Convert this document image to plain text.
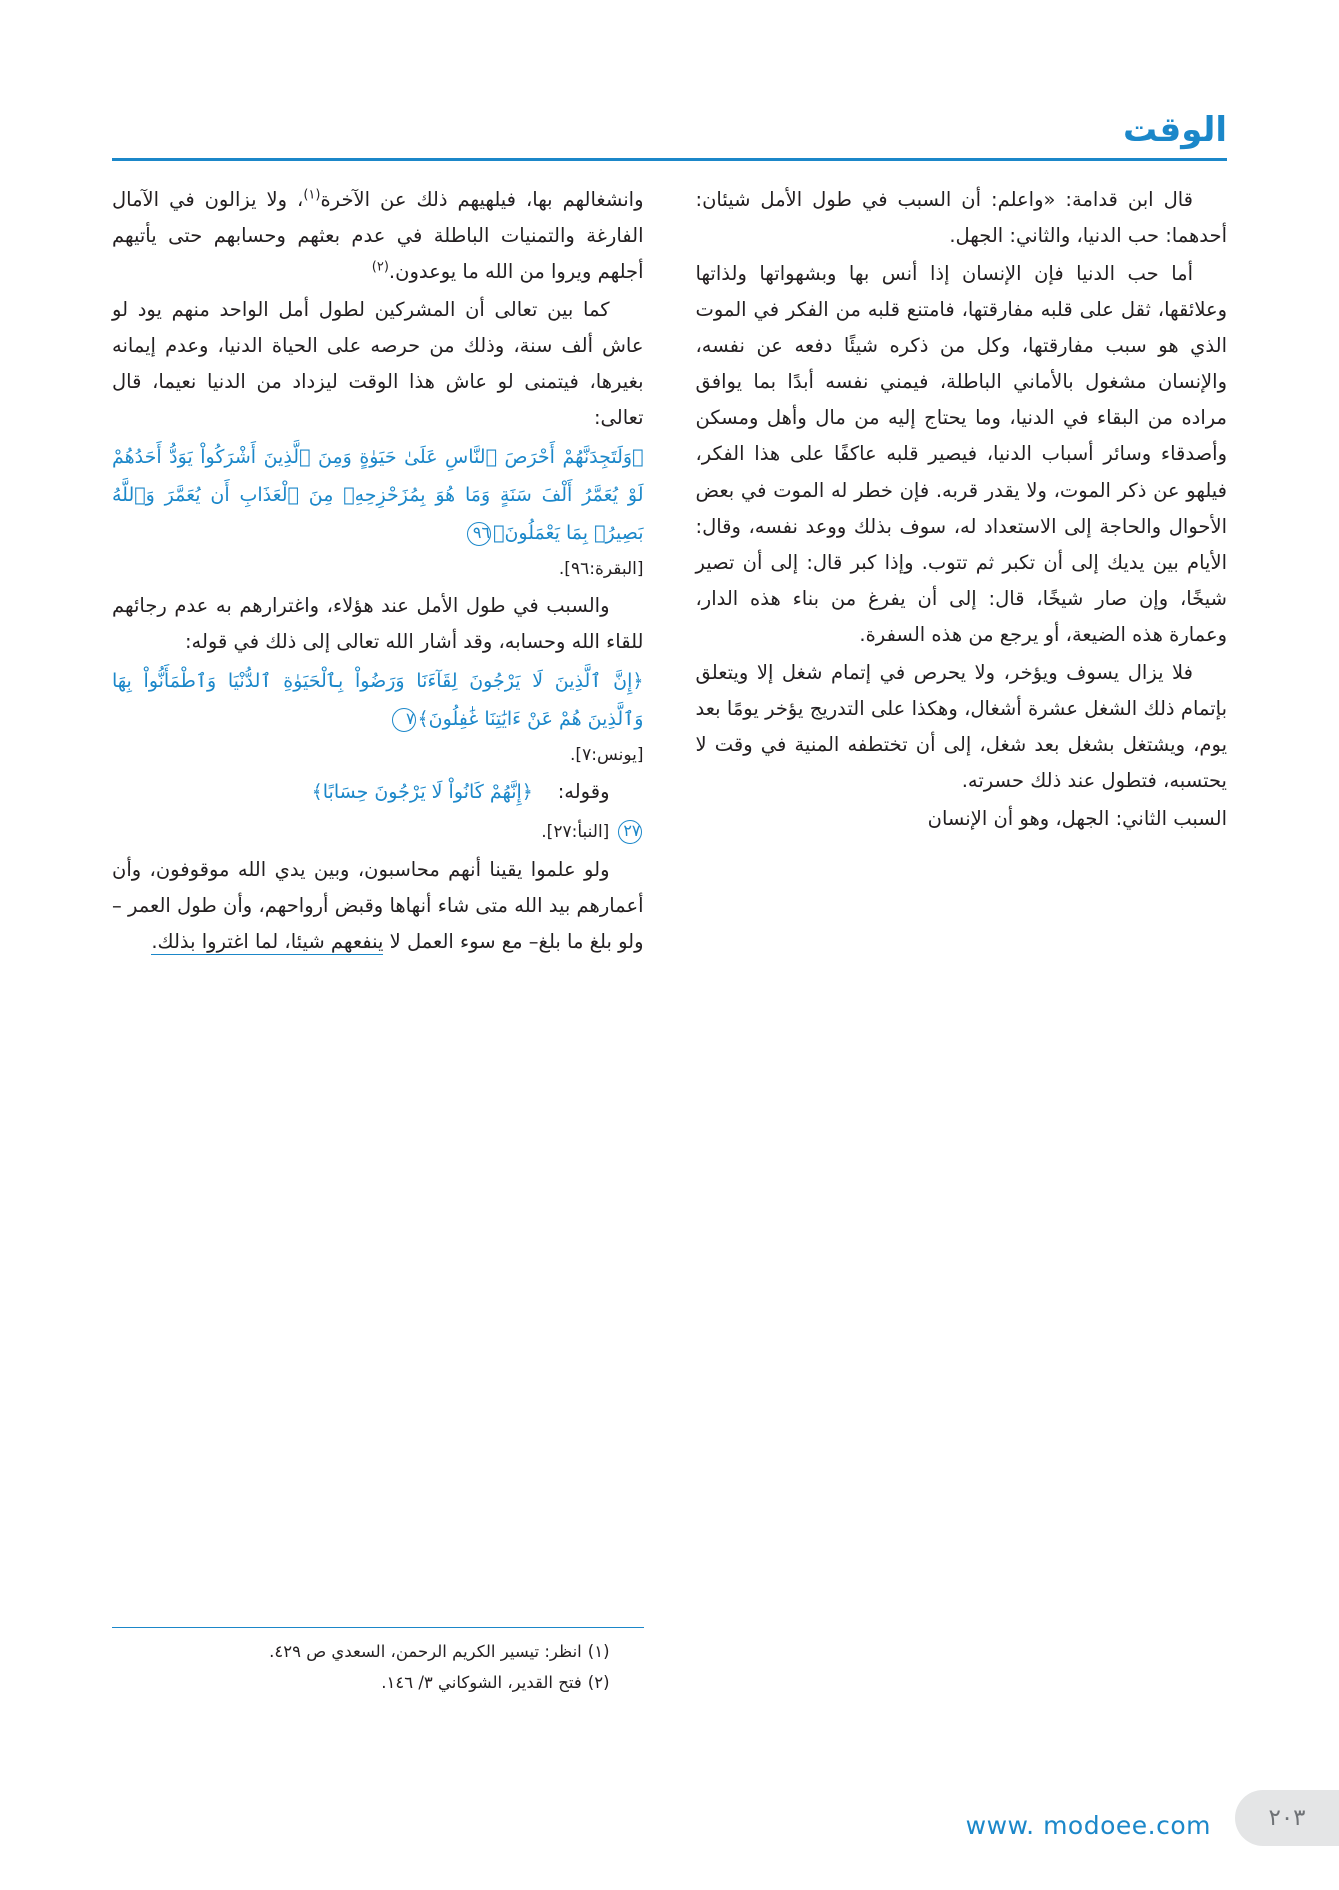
الوقت

قال ابن قدامة: «واعلم: أن السبب في طول الأمل شيئان: أحدهما: حب الدنيا، والثاني: الجهل.

أما حب الدنيا فإن الإنسان إذا أنس بها وبشهواتها ولذاتها وعلائقها، ثقل على قلبه مفارقتها، فامتنع قلبه من الفكر في الموت الذي هو سبب مفارقتها، وكل من ذكره شيئًا دفعه عن نفسه، والإنسان مشغول بالأماني الباطلة، فيمني نفسه أبدًا بما يوافق مراده من البقاء في الدنيا، وما يحتاج إليه من مال وأهل ومسكن وأصدقاء وسائر أسباب الدنيا، فيصير قلبه عاكفًا على هذا الفكر، فيلهو عن ذكر الموت، ولا يقدر قربه. فإن خطر له الموت في بعض الأحوال والحاجة إلى الاستعداد له، سوف بذلك ووعد نفسه، وقال: الأيام بين يديك إلى أن تكبر ثم تتوب. وإذا كبر قال: إلى أن تصير شيخًا، وإن صار شيخًا، قال: إلى أن يفرغ من بناء هذه الدار، وعمارة هذه الضيعة، أو يرجع من هذه السفرة.

فلا يزال يسوف ويؤخر، ولا يحرص في إتمام شغل إلا ويتعلق بإتمام ذلك الشغل عشرة أشغال، وهكذا على التدريج يؤخر يومًا بعد يوم، ويشتغل بشغل بعد شغل، إلى أن تختطفه المنية في وقت لا يحتسبه، فتطول عند ذلك حسرته.

السبب الثاني: الجهل، وهو أن الإنسان

وانشغالهم بها، فيلهيهم ذلك عن الآخرة$^{(١)}$، ولا يزالون في الآمال الفارغة والتمنيات الباطلة في عدم بعثهم وحسابهم حتى يأتيهم أجلهم ويروا من الله ما يوعدون.$^{(٢)}$

كما بين تعالى أن المشركين لطول أمل الواحد منهم يود لو عاش ألف سنة، وذلك من حرصه على الحياة الدنيا، وعدم إيمانه بغيرها، فيتمنى لو عاش هذا الوقت ليزداد من الدنيا نعيما، قال تعالى:

﴿وَلَتَجِدَنَّهُمْ أَحْرَصَ ٱلنَّاسِ عَلَىٰ حَيَوٰةٍ وَمِنَ ٱلَّذِينَ أَشْرَكُواْ يَوَدُّ أَحَدُهُمْ لَوْ يُعَمَّرُ أَلْفَ سَنَةٍ وَمَا هُوَ بِمُزَحْزِحِهِۦ مِنَ ٱلْعَذَابِ أَن يُعَمَّرَ وَٱللَّهُ بَصِيرُۢ بِمَا يَعْمَلُونَ﴾٩٦

[البقرة:٩٦].

والسبب في طول الأمل عند هؤلاء، واغترارهم به عدم رجائهم للقاء الله وحسابه، وقد أشار الله تعالى إلى ذلك في قوله:

﴿إِنَّ ٱلَّذِينَ لَا يَرْجُونَ لِقَآءَنَا وَرَضُواْ بِٱلْحَيَوٰةِ ٱلدُّنْيَا وَٱطْمَأَنُّواْ بِهَا وَٱلَّذِينَ هُمْ عَنْ ءَايَٰتِنَا غَٰفِلُونَ﴾٧

[يونس:٧].

وقوله:    ﴿إِنَّهُمْ كَانُواْ لَا يَرْجُونَ حِسَابًا﴾

٢٧ [النبأ:٢٧].

ولو علموا يقينا أنهم محاسبون، وبين يدي الله موقوفون، وأن أعمارهم بيد الله متى شاء أنهاها وقبض أرواحهم، وأن طول العمر –ولو بلغ ما بلغ– مع سوء العمل لا ينفعهم شيئا، لما اغتروا بذلك.

(١)انظر: تيسير الكريم الرحمن، السعدي ص ٤٢٩.

(٢)فتح القدير، الشوكاني ٣/ ١٤٦.

٢٠٣
www. modoee.com
